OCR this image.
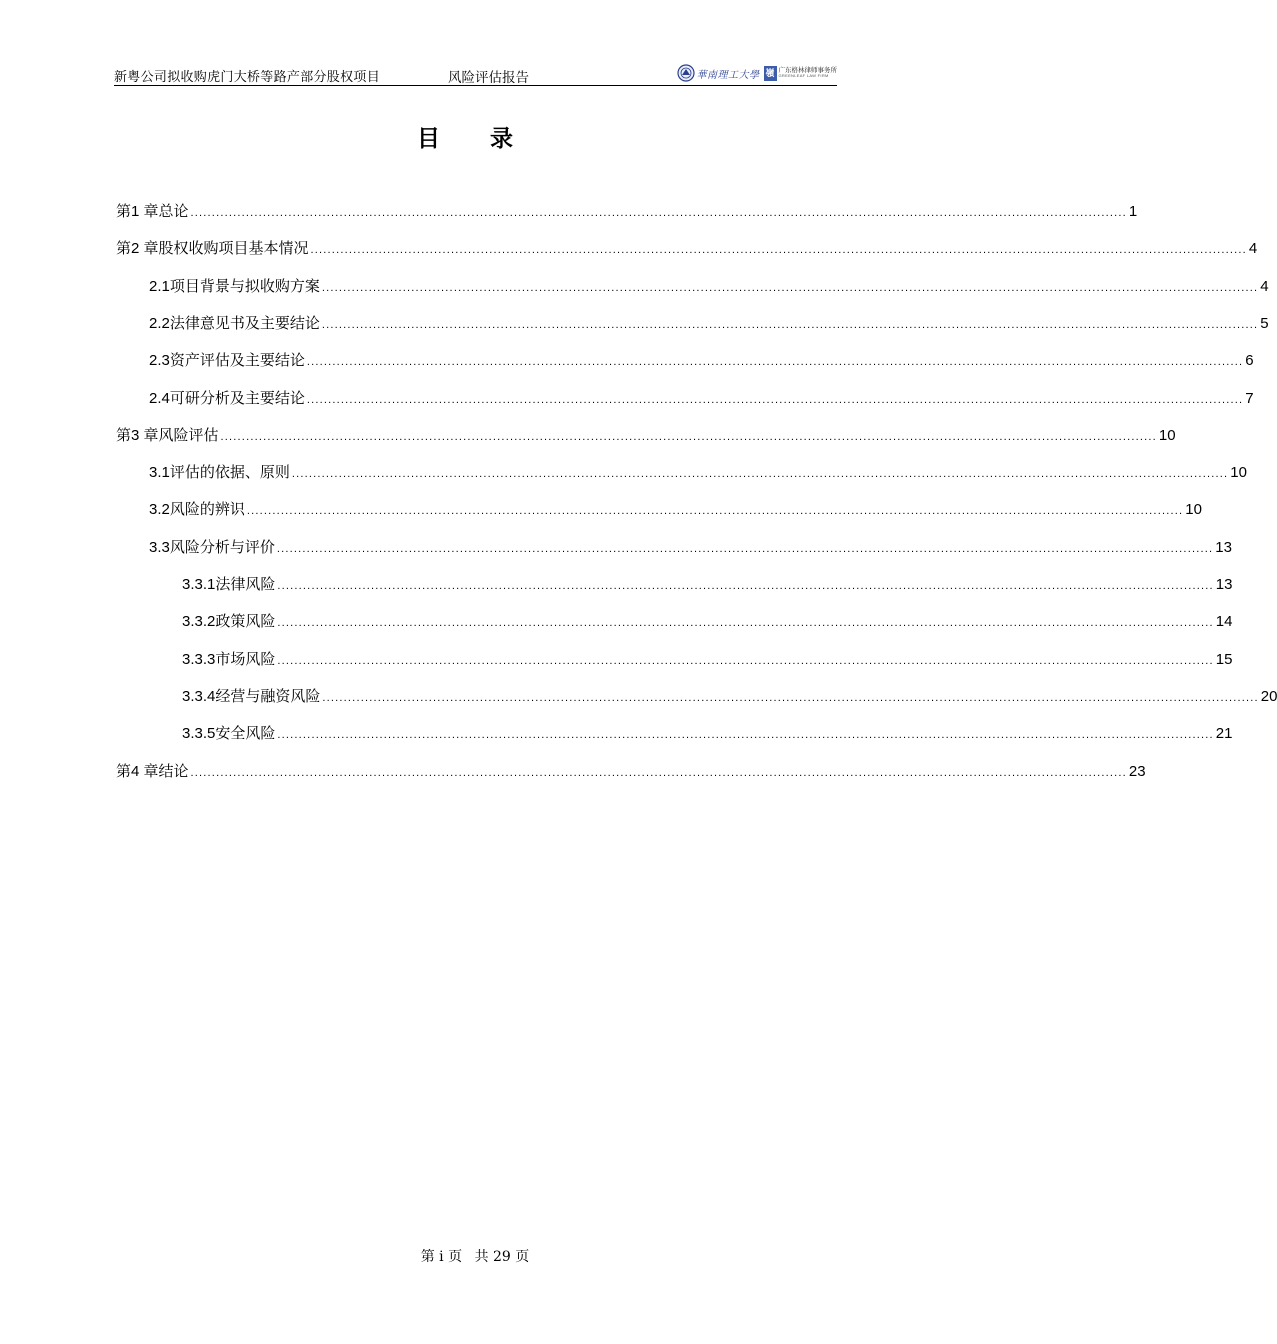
新粤公司拟收购虎门大桥等路产部分股权项目	风险评估报告	華南理工大學 嶺 广东格林律师事务所
GREENLEAF LAW FIRM
目录
第1 章 总论 ............................................................................................................................................................................................................................ 1
第2 章 股权收购项目基本情况 ............................................................................................................................................................................................................................ 4
2.1 项目背景与拟收购方案 ............................................................................................................................................................................................................................ 4
2.2 法律意见书及主要结论 ............................................................................................................................................................................................................................ 5
2.3 资产评估及主要结论 ............................................................................................................................................................................................................................ 6
2.4 可研分析及主要结论 ............................................................................................................................................................................................................................ 7
第3 章 风险评估 ............................................................................................................................................................................................................................ 10
3.1 评估的依据、原则 ............................................................................................................................................................................................................................ 10
3.2 风险的辨识 ............................................................................................................................................................................................................................ 10
3.3 风险分析与评价 ............................................................................................................................................................................................................................ 13
3.3.1 法律风险 ............................................................................................................................................................................................................................ 13
3.3.2 政策风险 ............................................................................................................................................................................................................................ 14
3.3.3 市场风险 ............................................................................................................................................................................................................................ 15
3.3.4 经营与融资风险 ............................................................................................................................................................................................................................ 20
3.3.5 安全风险 ............................................................................................................................................................................................................................ 21
第4 章 结论 ............................................................................................................................................................................................................................ 23
第 i 页 共 29 页
